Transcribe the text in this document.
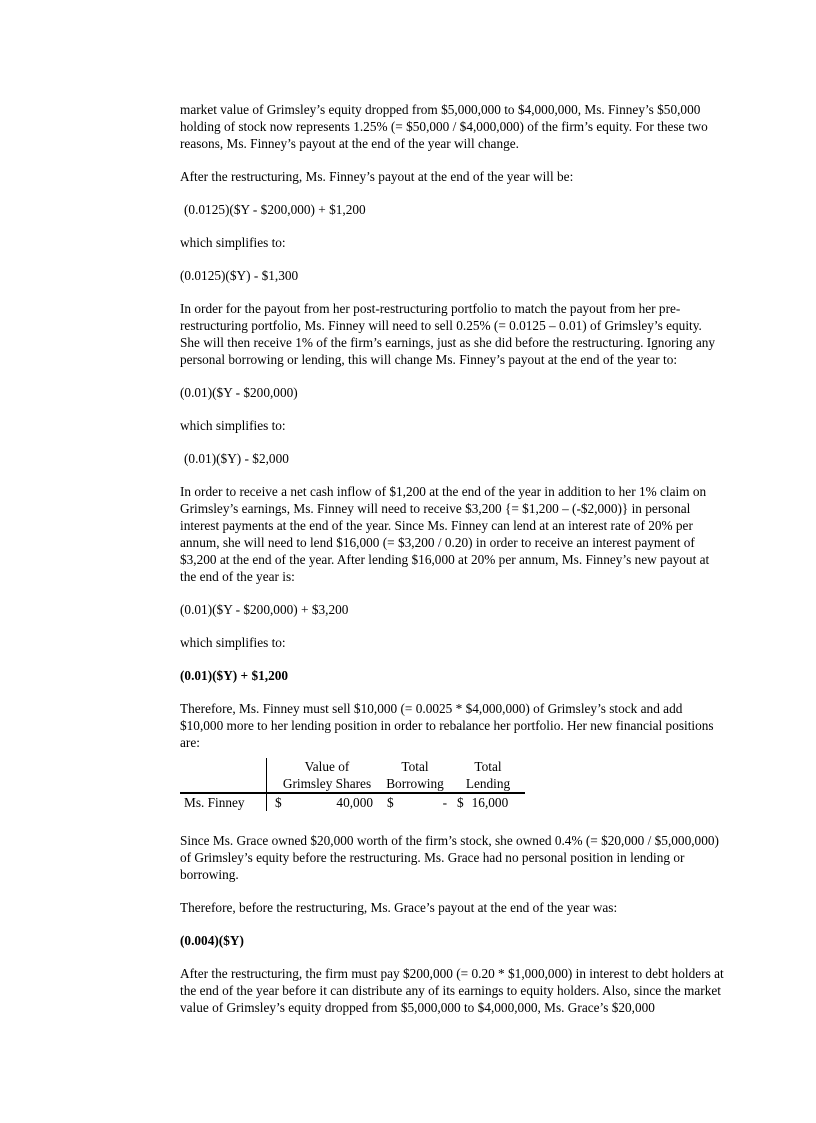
market value of Grimsley’s equity dropped from $5,000,000 to $4,000,000, Ms. Finney’s $50,000 holding of stock now represents 1.25% (= $50,000 / $4,000,000) of the firm’s equity. For these two reasons, Ms. Finney’s payout at the end of the year will change.

After the restructuring, Ms. Finney’s payout at the end of the year will be:

(0.0125)($Y - $200,000) + $1,200

which simplifies to:

(0.0125)($Y) - $1,300

In order for the payout from her post-restructuring portfolio to match the payout from her pre-restructuring portfolio, Ms. Finney will need to sell 0.25% (= 0.0125 – 0.01) of Grimsley’s equity. She will then receive 1% of the firm’s earnings, just as she did before the restructuring. Ignoring any personal borrowing or lending, this will change Ms. Finney’s payout at the end of the year to:

(0.01)($Y - $200,000)

which simplifies to:

(0.01)($Y) - $2,000

In order to receive a net cash inflow of $1,200 at the end of the year in addition to her 1% claim on Grimsley’s earnings, Ms. Finney will need to receive $3,200 {= $1,200 – (-$2,000)} in personal interest payments at the end of the year. Since Ms. Finney can lend at an interest rate of 20% per annum, she will need to lend $16,000 (= $3,200 / 0.20) in order to receive an interest payment of $3,200 at the end of the year. After lending $16,000 at 20% per annum, Ms. Finney’s new payout at the end of the year is:

(0.01)($Y - $200,000) + $3,200

which simplifies to:

(0.01)($Y) + $1,200

Therefore, Ms. Finney must sell $10,000 (= 0.0025 * $4,000,000) of Grimsley’s stock and add $10,000 more to her lending position in order to rebalance her portfolio. Her new financial positions are:

		Value of	Total	Total
		Grimsley Shares	Borrowing	Lending
Ms. Finney		$ 40,000	$ -	$ 16,000

Since Ms. Grace owned $20,000 worth of the firm’s stock, she owned 0.4% (= $20,000 / $5,000,000) of Grimsley’s equity before the restructuring. Ms. Grace had no personal position in lending or borrowing.

Therefore, before the restructuring, Ms. Grace’s payout at the end of the year was:

(0.004)($Y)

After the restructuring, the firm must pay $200,000 (= 0.20 * $1,000,000) in interest to debt holders at the end of the year before it can distribute any of its earnings to equity holders. Also, since the market value of Grimsley’s equity dropped from $5,000,000 to $4,000,000, Ms. Grace’s $20,000
